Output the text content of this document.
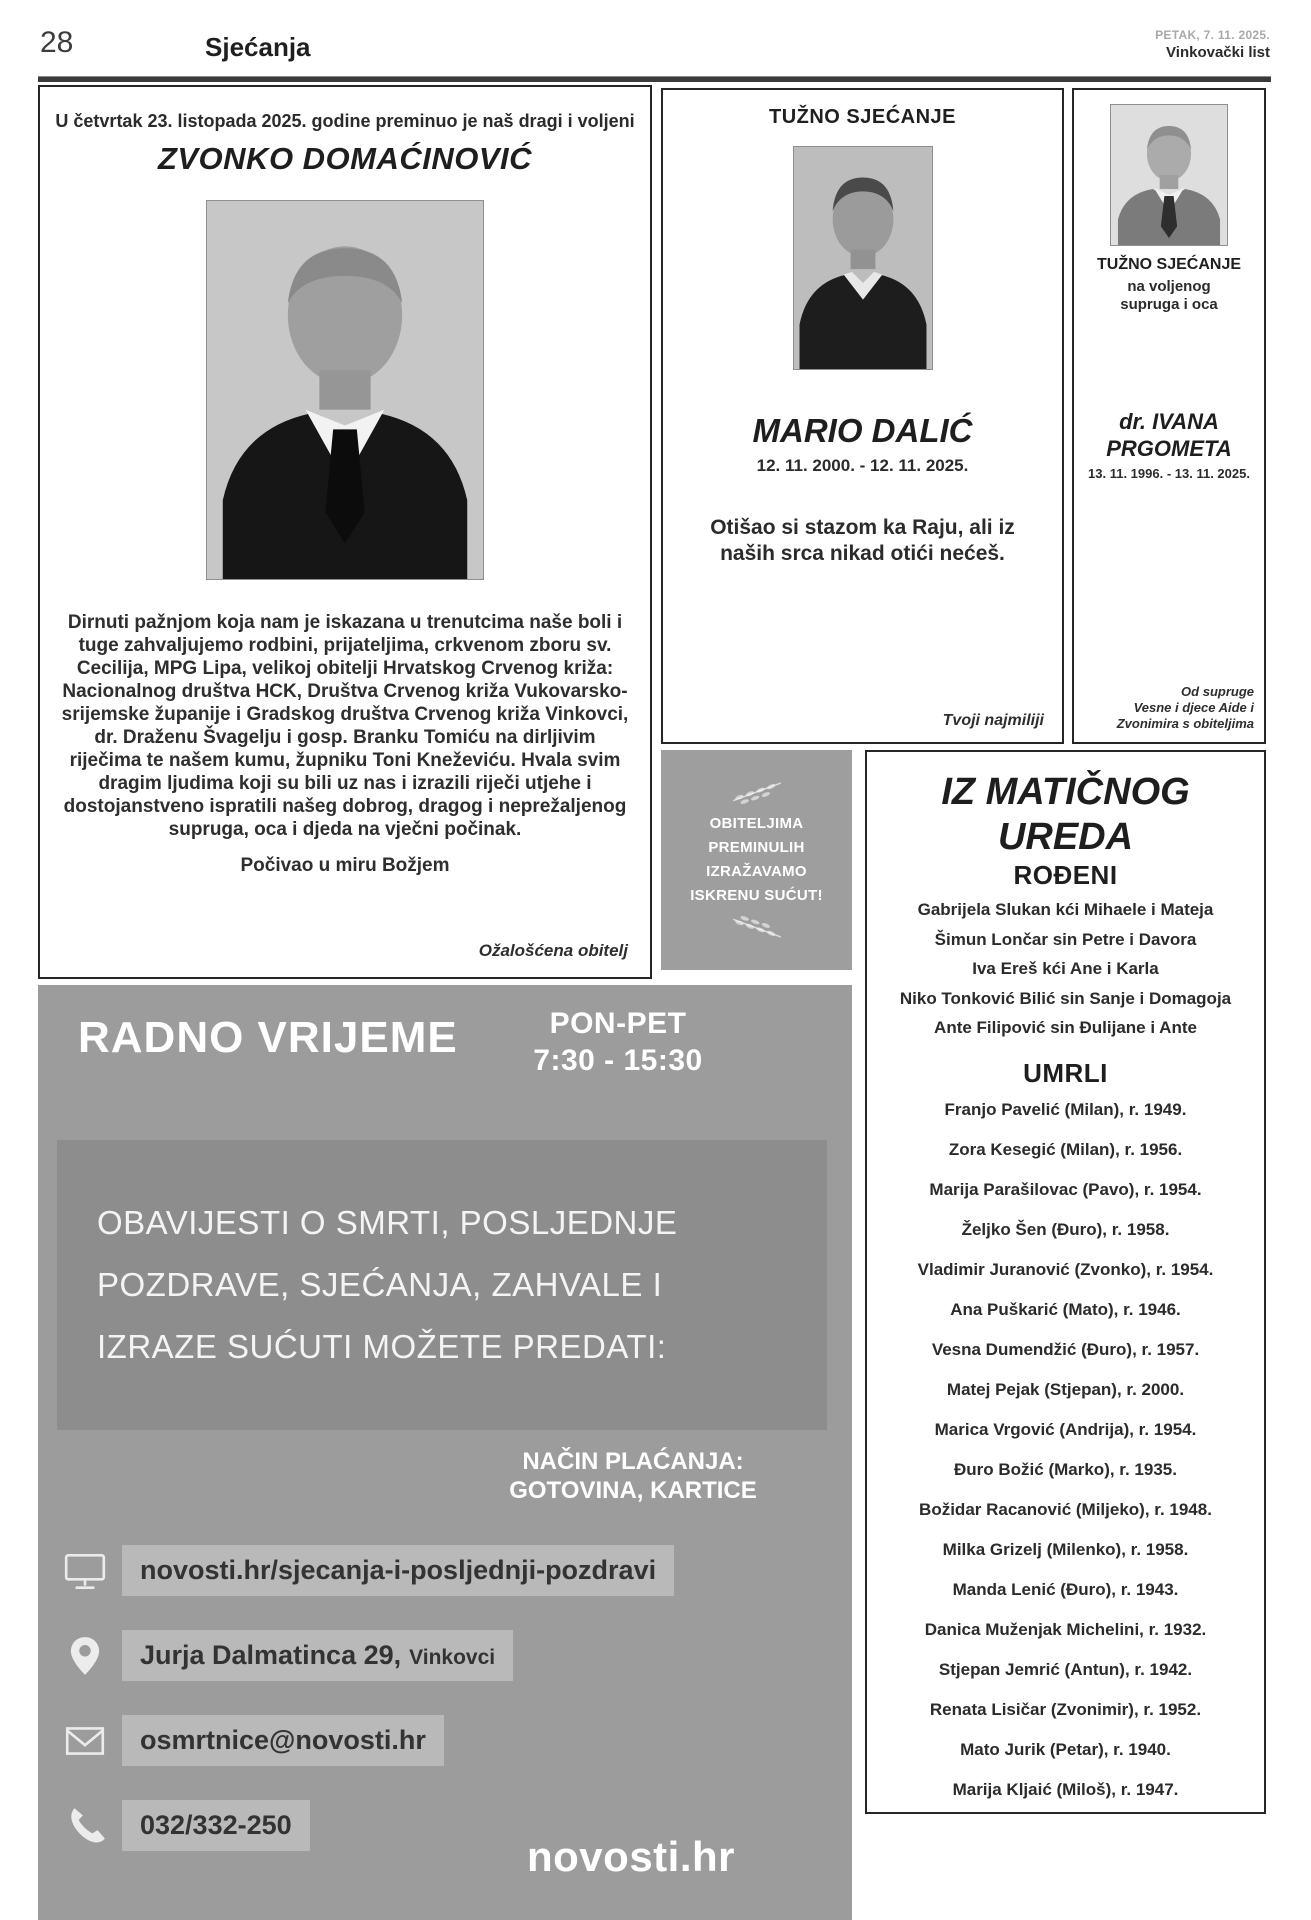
28	Sjećanja	PETAK, 7. 11. 2025.
Vinkovački list
U četvrtak 23. listopada 2025. godine preminuo je naš dragi i voljeni
ZVONKO DOMAĆINOVIĆ
Dirnuti pažnjom koja nam je iskazana u trenutcima naše boli i tuge zahvaljujemo rodbini, prijateljima, crkvenom zboru sv. Cecilija, MPG Lipa, velikoj obitelji Hrvatskog Crvenog križa: Nacionalnog društva HCK, Društva Crvenog križa Vukovarsko-srijemske županije i Gradskog društva Crvenog križa Vinkovci, dr. Draženu Švagelju i gosp. Branku Tomiću na dirljivim riječima te našem kumu, župniku Toni Kneževiću. Hvala svim dragim ljudima koji su bili uz nas i izrazili riječi utjehe i dostojanstveno ispratili našeg dobrog, dragog i neprežaljenog supruga, oca i djeda na vječni počinak.
Počivao u miru Božjem
Ožalošćena obitelj
TUŽNO SJEĆANJE
MARIO DALIĆ
12. 11. 2000. - 12. 11. 2025.
Otišao si stazom ka Raju, ali iz naših srca nikad otići nećeš.
Tvoji najmiliji
TUŽNO SJEĆANJE
na voljenog
supruga i oca
dr. IVANA
PRGOMETA
13. 11. 1996. - 13. 11. 2025.
Od supruge
Vesne i djece Aide i
Zvonimira s obiteljima
OBITELJIMA
PREMINULIH
IZRAŽAVAMO
ISKRENU SUĆUT!
IZ MATIČNOG
UREDA
ROĐENI
Gabrijela Slukan kći Mihaele i Mateja
Šimun Lončar sin Petre i Davora
Iva Ereš kći Ane i Karla
Niko Tonković Bilić sin Sanje i Domagoja
Ante Filipović sin Đulijane i Ante
UMRLI
Franjo Pavelić (Milan), r. 1949.
Zora Kesegić (Milan), r. 1956.
Marija Parašilovac (Pavo), r. 1954.
Željko Šen (Đuro), r. 1958.
Vladimir Juranović (Zvonko), r. 1954.
Ana Puškarić (Mato), r. 1946.
Vesna Dumendžić (Đuro), r. 1957.
Matej Pejak (Stjepan), r. 2000.
Marica Vrgović (Andrija), r. 1954.
Đuro Božić (Marko), r. 1935.
Božidar Racanović (Miljeko), r. 1948.
Milka Grizelj (Milenko), r. 1958.
Manda Lenić (Đuro), r. 1943.
Danica Muženjak Michelini, r. 1932.
Stjepan Jemrić (Antun), r. 1942.
Renata Lisičar (Zvonimir), r. 1952.
Mato Jurik (Petar), r. 1940.
Marija Kljaić (Miloš), r. 1947.
RADNO VRIJEME	PON-PET
7:30 - 15:30
OBAVIJESTI O SMRTI, POSLJEDNJE
POZDRAVE, SJEĆANJA, ZAHVALE I
IZRAZE SUĆUTI MOŽETE PREDATI:
NAČIN PLAĆANJA:
GOTOVINA, KARTICE
novosti.hr/sjecanja-i-posljednji-pozdravi
Jurja Dalmatinca 29, Vinkovci
osmrtnice@novosti.hr
032/332-250
novosti.hr
